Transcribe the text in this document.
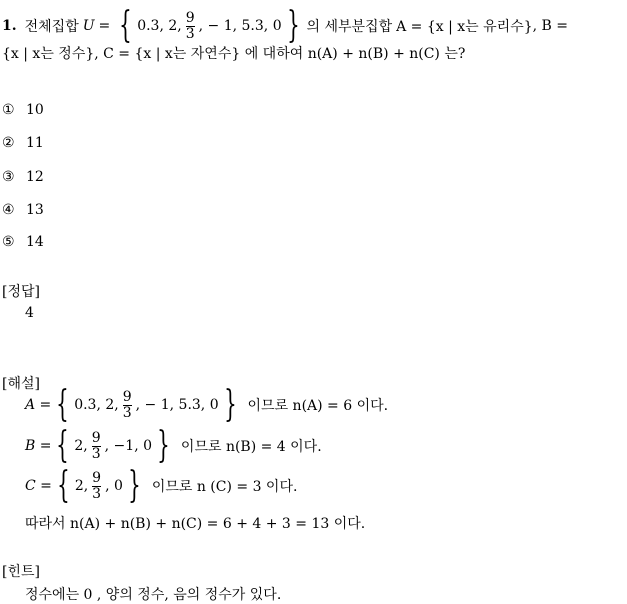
1. 전체집합 U = { 0.3, 2, $\frac{9}{3}$ , − 1, 5.3, 0 } 의 세부분집합 A = {x | x는 유리수} , B =
{x | x는 정수}, C = {x | x는 자연수} 에 대하여 n(A) + n(B) + n(C) 는?
① 10
② 11
③ 12
④ 13
⑤ 14
[정답]
4
[해설]
A = { 0.3, 2, $\frac{9}{3}$ , − 1, 5.3, 0 } 이므로 n(A) = 6 이다.
B = { 2, $\frac{9}{3}$ , −1, 0 } 이므로 n(B) = 4 이다.
C = { 2, $\frac{9}{3}$ , 0 } 이므로 n (C) = 3 이다.
따라서 n(A) + n(B) + n(C) = 6 + 4 + 3 = 13 이다.
[힌트]
정수에는 0 , 양의 정수, 음의 정수가 있다.
